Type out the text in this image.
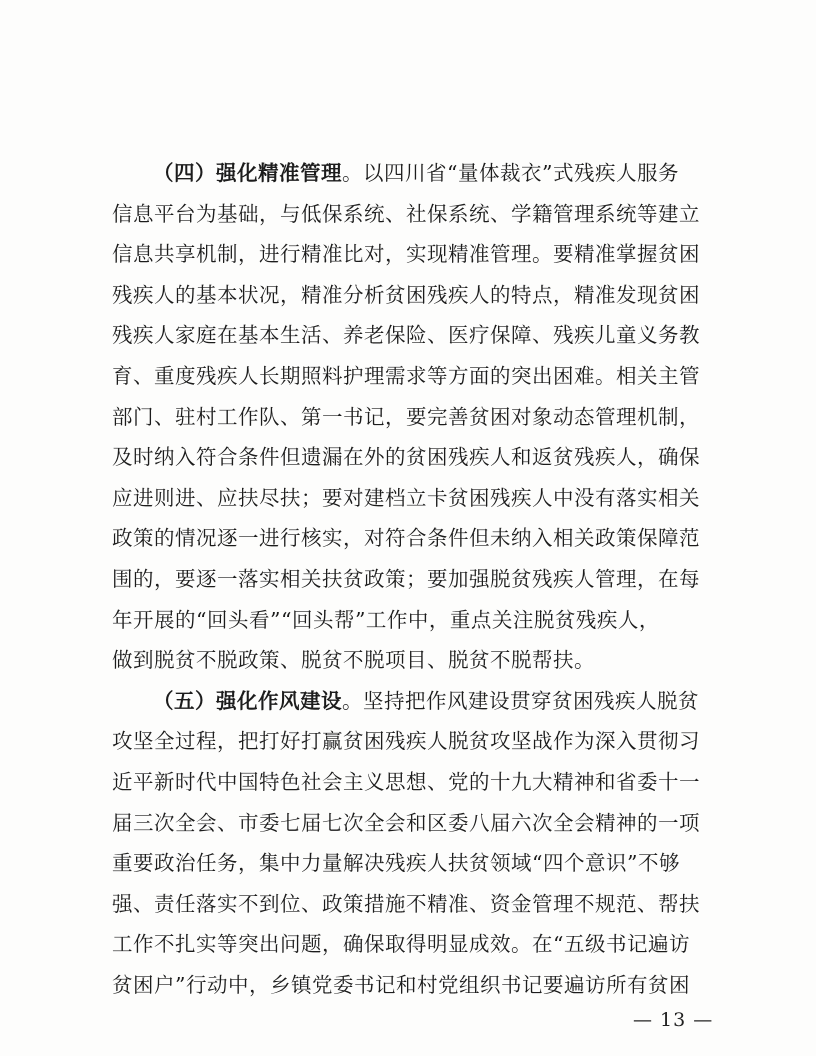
（四）强化精准管理。以四川省“量体裁衣”式残疾人服务
信息平台为基础，与低保系统、社保系统、学籍管理系统等建立
信息共享机制，进行精准比对，实现精准管理。要精准掌握贫困
残疾人的基本状况，精准分析贫困残疾人的特点，精准发现贫困
残疾人家庭在基本生活、养老保险、医疗保障、残疾儿童义务教
育、重度残疾人长期照料护理需求等方面的突出困难。相关主管
部门、驻村工作队、第一书记，要完善贫困对象动态管理机制，
及时纳入符合条件但遗漏在外的贫困残疾人和返贫残疾人，确保
应进则进、应扶尽扶；要对建档立卡贫困残疾人中没有落实相关
政策的情况逐一进行核实，对符合条件但未纳入相关政策保障范
围的，要逐一落实相关扶贫政策；要加强脱贫残疾人管理，在每
年开展的“回头看”“回头帮”工作中，重点关注脱贫残疾人，
做到脱贫不脱政策、脱贫不脱项目、脱贫不脱帮扶。
（五）强化作风建设。坚持把作风建设贯穿贫困残疾人脱贫
攻坚全过程，把打好打赢贫困残疾人脱贫攻坚战作为深入贯彻习
近平新时代中国特色社会主义思想、党的十九大精神和省委十一
届三次全会、市委七届七次全会和区委八届六次全会精神的一项
重要政治任务，集中力量解决残疾人扶贫领域“四个意识”不够
强、责任落实不到位、政策措施不精准、资金管理不规范、帮扶
工作不扎实等突出问题，确保取得明显成效。在“五级书记遍访
贫困户”行动中，乡镇党委书记和村党组织书记要遍访所有贫困
— 13 —
